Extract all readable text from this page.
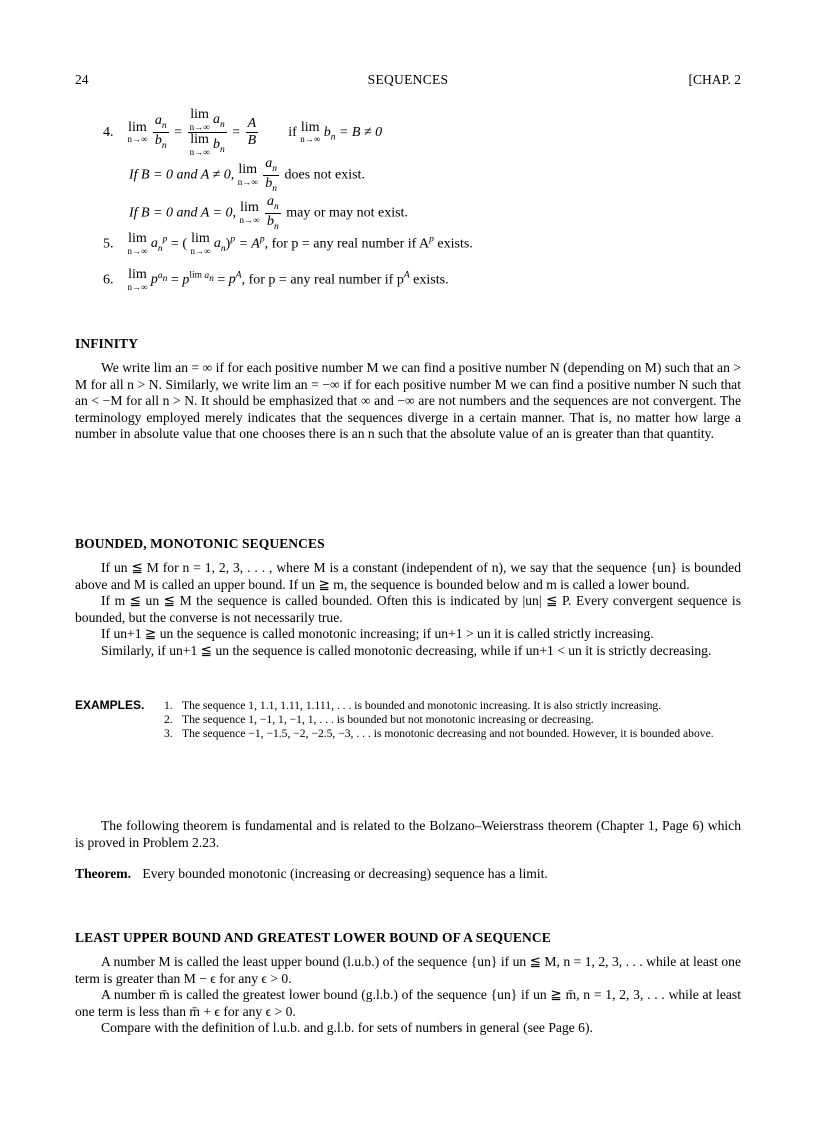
24	SEQUENCES	[CHAP. 2
4. lim
n→∞
$\frac{a_n}{b_n} = \lim$
n→∞ $a_n$
lim
n→∞ $b_n = \frac{A}{B}$ if lim
n→∞ $b_n = B \ne 0$
If B = 0 and A ≠ 0, lim
n→∞
$\frac{a_n}{b_n}$ does not exist.
If B = 0 and A = 0, lim
n→∞
$\frac{a_n}{b_n}$ may or may not exist.
5. lim
n→∞ $a_n^p$ = ( lim
n→∞ $a_n)^p = A^p$, for p = any real number if $A^p$ exists.
6. lim
n→∞ $p^{a_n} = p^{lim a_n} = p^A$, for p = any real number if $p^A$ exists.
INFINITY

We write lim an = ∞ if for each positive number M we can find a positive number N (depending on M) such that an > M for all n > N. Similarly, we write lim an = −∞ if for each positive number M we can find a positive number N such that an < −M for all n > N. It should be emphasized that ∞ and −∞ are not numbers and the sequences are not convergent. The terminology employed merely indicates that the sequences diverge in a certain manner. That is, no matter how large a number in absolute value that one chooses there is an n such that the absolute value of an is greater than that quantity.

BOUNDED, MONOTONIC SEQUENCES

If un ≦ M for n = 1, 2, 3, . . . , where M is a constant (independent of n), we say that the sequence {un} is bounded above and M is called an upper bound. If un ≧ m, the sequence is bounded below and m is called a lower bound.

If m ≦ un ≦ M the sequence is called bounded. Often this is indicated by |un| ≦ P. Every convergent sequence is bounded, but the converse is not necessarily true.

If un+1 ≧ un the sequence is called monotonic increasing; if un+1 > un it is called strictly increasing.

Similarly, if un+1 ≦ un the sequence is called monotonic decreasing, while if un+1 < un it is strictly decreasing.

EXAMPLES. 1. The sequence 1, 1.1, 1.11, 1.111, . . . is bounded and monotonic increasing. It is also strictly increasing.
2. The sequence 1, −1, 1, −1, 1, . . . is bounded but not monotonic increasing or decreasing.
3. The sequence −1, −1.5, −2, −2.5, −3, . . . is monotonic decreasing and not bounded. However, it is bounded above.

The following theorem is fundamental and is related to the Bolzano–Weierstrass theorem (Chapter 1, Page 6) which is proved in Problem 2.23.

Theorem. Every bounded monotonic (increasing or decreasing) sequence has a limit.
LEAST UPPER BOUND AND GREATEST LOWER BOUND OF A SEQUENCE

A number M is called the least upper bound (l.u.b.) of the sequence {un} if un ≦ M, n = 1, 2, 3, . . . while at least one term is greater than M − ϵ for any ϵ > 0.

A number m̄ is called the greatest lower bound (g.l.b.) of the sequence {un} if un ≧ m̄, n = 1, 2, 3, . . . while at least one term is less than m̄ + ϵ for any ϵ > 0.

Compare with the definition of l.u.b. and g.l.b. for sets of numbers in general (see Page 6).
